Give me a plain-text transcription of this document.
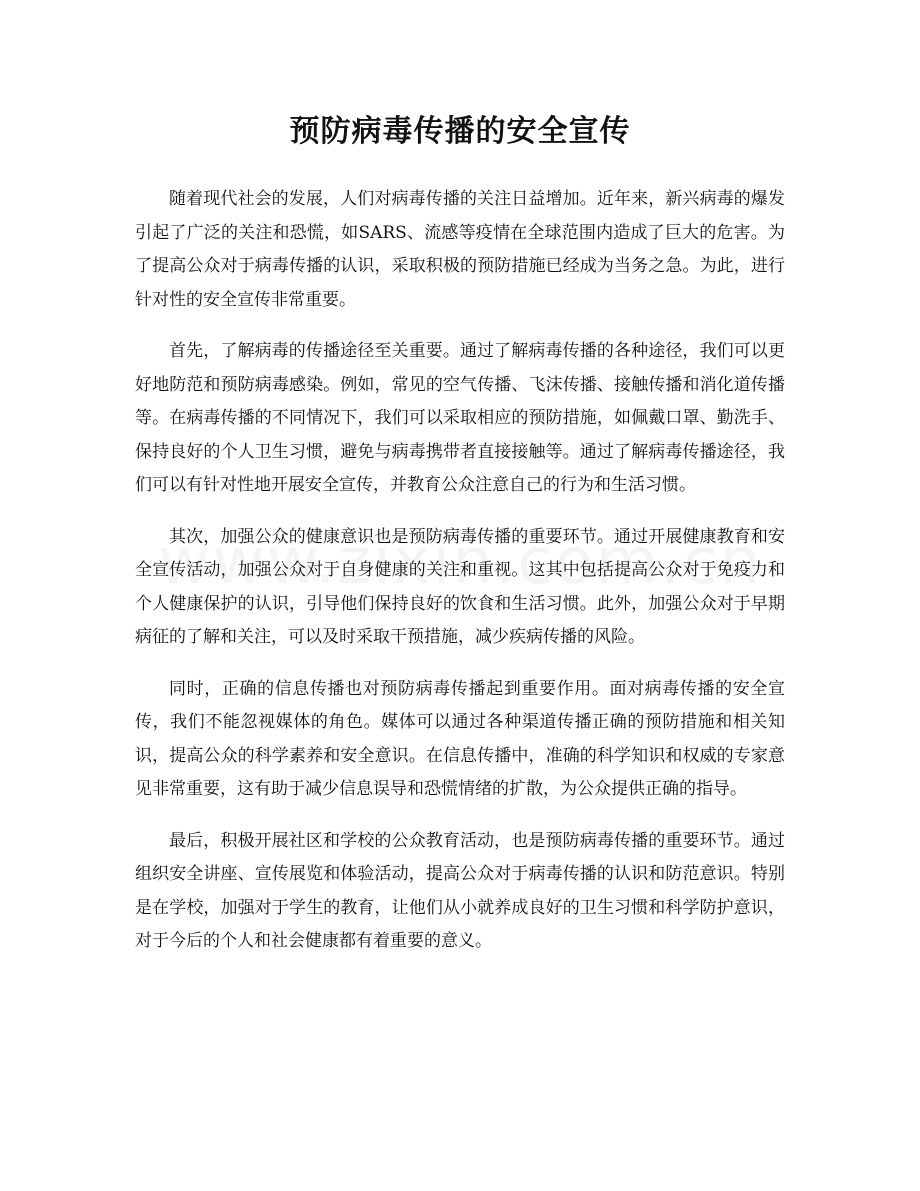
预防病毒传播的安全宣传

随着现代社会的发展，人们对病毒传播的关注日益增加。近年来，新兴病毒的爆发引起了广泛的关注和恐慌，如SARS、流感等疫情在全球范围内造成了巨大的危害。为了提高公众对于病毒传播的认识，采取积极的预防措施已经成为当务之急。为此，进行针对性的安全宣传非常重要。

首先，了解病毒的传播途径至关重要。通过了解病毒传播的各种途径，我们可以更好地防范和预防病毒感染。例如，常见的空气传播、飞沫传播、接触传播和消化道传播等。在病毒传播的不同情况下，我们可以采取相应的预防措施，如佩戴口罩、勤洗手、保持良好的个人卫生习惯，避免与病毒携带者直接接触等。通过了解病毒传播途径，我们可以有针对性地开展安全宣传，并教育公众注意自己的行为和生活习惯。

其次，加强公众的健康意识也是预防病毒传播的重要环节。通过开展健康教育和安全宣传活动，加强公众对于自身健康的关注和重视。这其中包括提高公众对于免疫力和个人健康保护的认识，引导他们保持良好的饮食和生活习惯。此外，加强公众对于早期病征的了解和关注，可以及时采取干预措施，减少疾病传播的风险。

同时，正确的信息传播也对预防病毒传播起到重要作用。面对病毒传播的安全宣传，我们不能忽视媒体的角色。媒体可以通过各种渠道传播正确的预防措施和相关知识，提高公众的科学素养和安全意识。在信息传播中，准确的科学知识和权威的专家意见非常重要，这有助于减少信息误导和恐慌情绪的扩散，为公众提供正确的指导。

最后，积极开展社区和学校的公众教育活动，也是预防病毒传播的重要环节。通过组织安全讲座、宣传展览和体验活动，提高公众对于病毒传播的认识和防范意识。特别是在学校，加强对于学生的教育，让他们从小就养成良好的卫生习惯和科学防护意识，对于今后的个人和社会健康都有着重要的意义。
